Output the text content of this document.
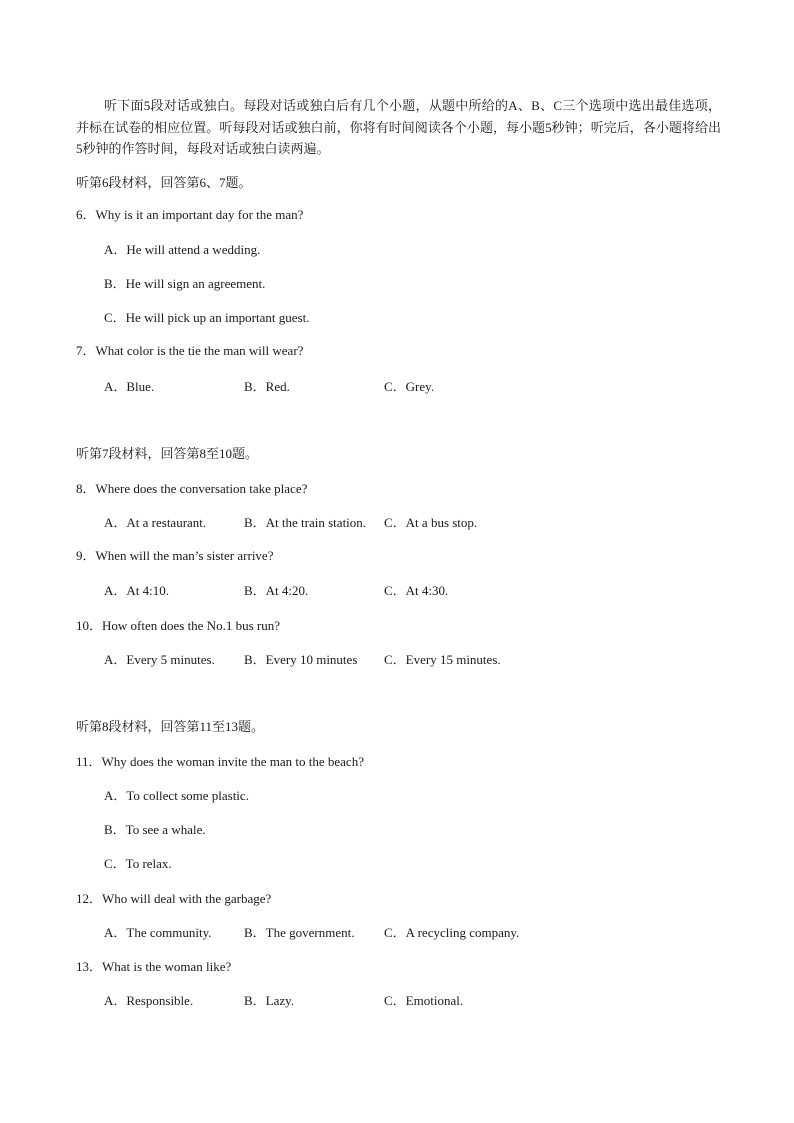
听下面5段对话或独白。每段对话或独白后有几个小题，从题中所给的A、B、C三个选项中选出最佳选项，并标在试卷的相应位置。听每段对话或独白前，你将有时间阅读各个小题，每小题5秒钟；听完后，各小题将给出5秒钟的作答时间，每段对话或独白读两遍。
听第6段材料，回答第6、7题。
6．Why is it an important day for the man?
A．He will attend a wedding.
B．He will sign an agreement.
C．He will pick up an important guest.
7．What color is the tie the man will wear?
A．Blue.	B．Red.	C．Grey.
听第7段材料，回答第8至10题。
8．Where does the conversation take place?
A．At a restaurant.	B．At the train station. C．At a bus stop.
9．When will the man’s sister arrive?
A．At 4:10.	B．At 4:20.	C．At 4:30.
10．How often does the No.1 bus run?
A．Every 5 minutes. B．Every 10 minutes C．Every 15 minutes.
听第8段材料，回答第11至13题。
11．Why does the woman invite the man to the beach?
A．To collect some plastic.
B．To see a whale.
C．To relax.
12．Who will deal with the garbage?
A．The community.	B．The government. C．A recycling company.
13．What is the woman like?
A．Responsible.	B．Lazy.	C．Emotional.
